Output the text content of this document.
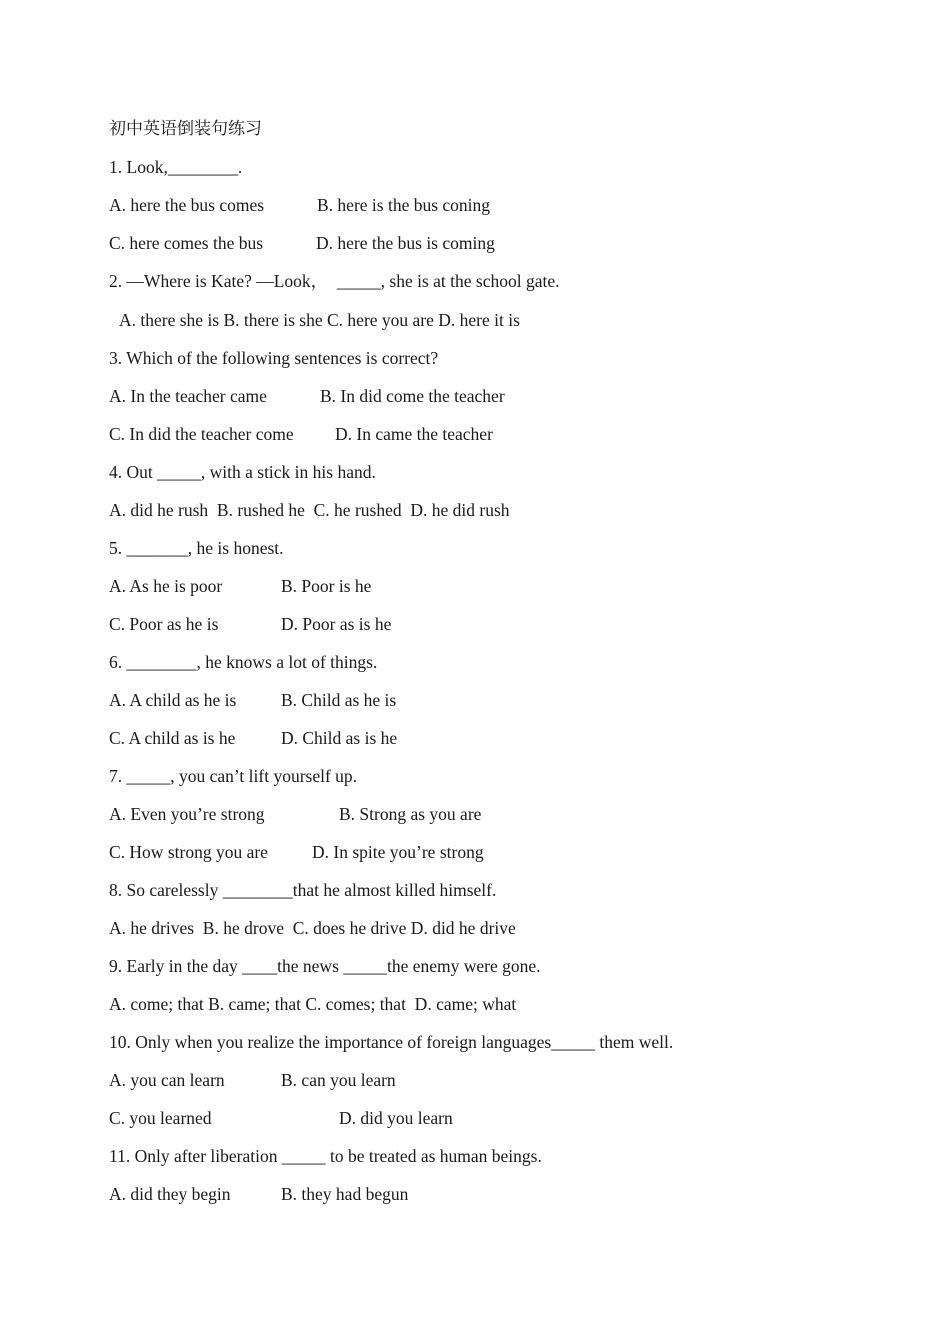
初中英语倒装句练习
1. Look,________.
A. here the bus comes	B. here is the bus coning
C. here comes the bus	D. here the bus is coming
2. —Where is Kate? —Look，  _____, she is at the school gate.
A. there she is B. there is she C. here you are D. here it is
3. Which of the following sentences is correct?
A. In the teacher came	B. In did come the teacher
C. In did the teacher come D. In came the teacher
4. Out _____, with a stick in his hand.
A. did he rush  B. rushed he  C. he rushed  D. he did rush
5. _______, he is honest.
A. As he is poor	B. Poor is he
C. Poor as he is	D. Poor as is he
6. ________, he knows a lot of things.
A. A child as he is	B. Child as he is
C. A child as is he	D. Child as is he
7. _____, you can’t lift yourself up.
A. Even you’re strong	B. Strong as you are
C. How strong you are	D. In spite you’re strong
8. So carelessly ________that he almost killed himself.
A. he drives  B. he drove  C. does he drive D. did he drive
9. Early in the day ____the news _____the enemy were gone.
A. come; that B. came; that C. comes; that  D. came; what
10. Only when you realize the importance of foreign languages_____ them well.
A. you can learn	B. can you learn
C. you learned	D. did you learn
11. Only after liberation _____ to be treated as human beings.
A. did they begin	B. they had begun
